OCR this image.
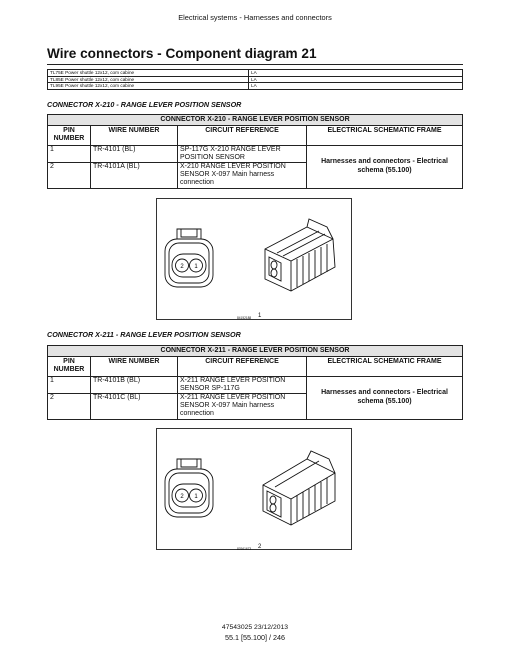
Electrical systems - Harnesses and connectors
Wire connectors - Component diagram 21
TL75E Power shuttle 12x12, com cabine	LA
TL85E Power shuttle 12x12, com cabine	LA
TL95E Power shuttle 12x12, com cabine	LA
CONNECTOR X-210 - RANGE LEVER POSITION SENSOR
CONNECTOR X-210 - RANGE LEVER POSITION SENSOR			
PIN NUMBER	WIRE NUMBER	CIRCUIT REFERENCE	ELECTRICAL SCHEMATIC FRAME
1	TR-4101 (BL)	SP-117G X-210 RANGE LEVER POSITION SENSOR	Harnesses and connectors - Electrical schema (55.100)
2	TR-4101A (BL)	X-210 RANGE LEVER POSITION SENSOR X-097 Main harness connection	
2 1
84152188 1
CONNECTOR X-211 - RANGE LEVER POSITION SENSOR
CONNECTOR X-211 - RANGE LEVER POSITION SENSOR			
PIN NUMBER	WIRE NUMBER	CIRCUIT REFERENCE	ELECTRICAL SCHEMATIC FRAME
1	TR-4101B (BL)	X-211 RANGE LEVER POSITION SENSOR SP-117G	Harnesses and connectors - Electrical schema (55.100)
2	TR-4101C (BL)	X-211 RANGE LEVER POSITION SENSOR X-097 Main harness connection	
2 1
87661673 2
47543025 23/12/2013
55.1 [55.100] / 246
